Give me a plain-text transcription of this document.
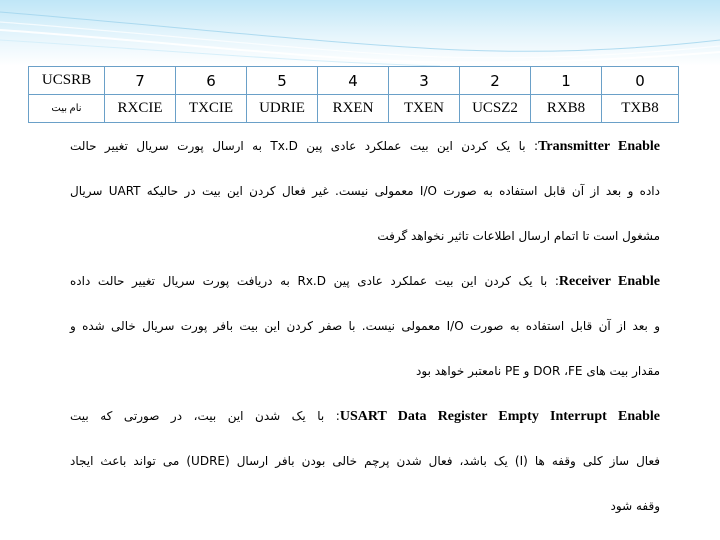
UCSRB	7	6	5	4	3	2	1	0
نام بیت	RXCIE	TXCIE	UDRIE	RXEN	TXEN	UCSZ2	RXB8	TXB8
Transmitter Enable: با یک کردن این بیت عملکرد عادی پین Tx.D به ارسال پورت سریال تغییر حالت
داده و بعد از آن قابل استفاده به صورت I/O معمولی نیست. غیر فعال کردن این بیت در حالیکه UART سریال
مشغول است تا اتمام ارسال اطلاعات تاثیر نخواهد گرفت
Receiver Enable: با یک کردن این بیت عملکرد عادی پین Rx.D به دریافت پورت سریال تغییر حالت داده
و بعد از آن قابل استفاده به صورت I/O معمولی نیست. با صفر کردن این بیت بافر پورت سریال خالی شده و
مقدار بیت های DOR ،FE و PE نامعتبر خواهد بود
USART Data Register Empty Interrupt Enable: با یک شدن این بیت، در صورتی که بیت
فعال ساز کلی وقفه ها (I) یک باشد، فعال شدن پرچم خالی بودن بافر ارسال (UDRE) می تواند باعث ایجاد
وقفه شود
